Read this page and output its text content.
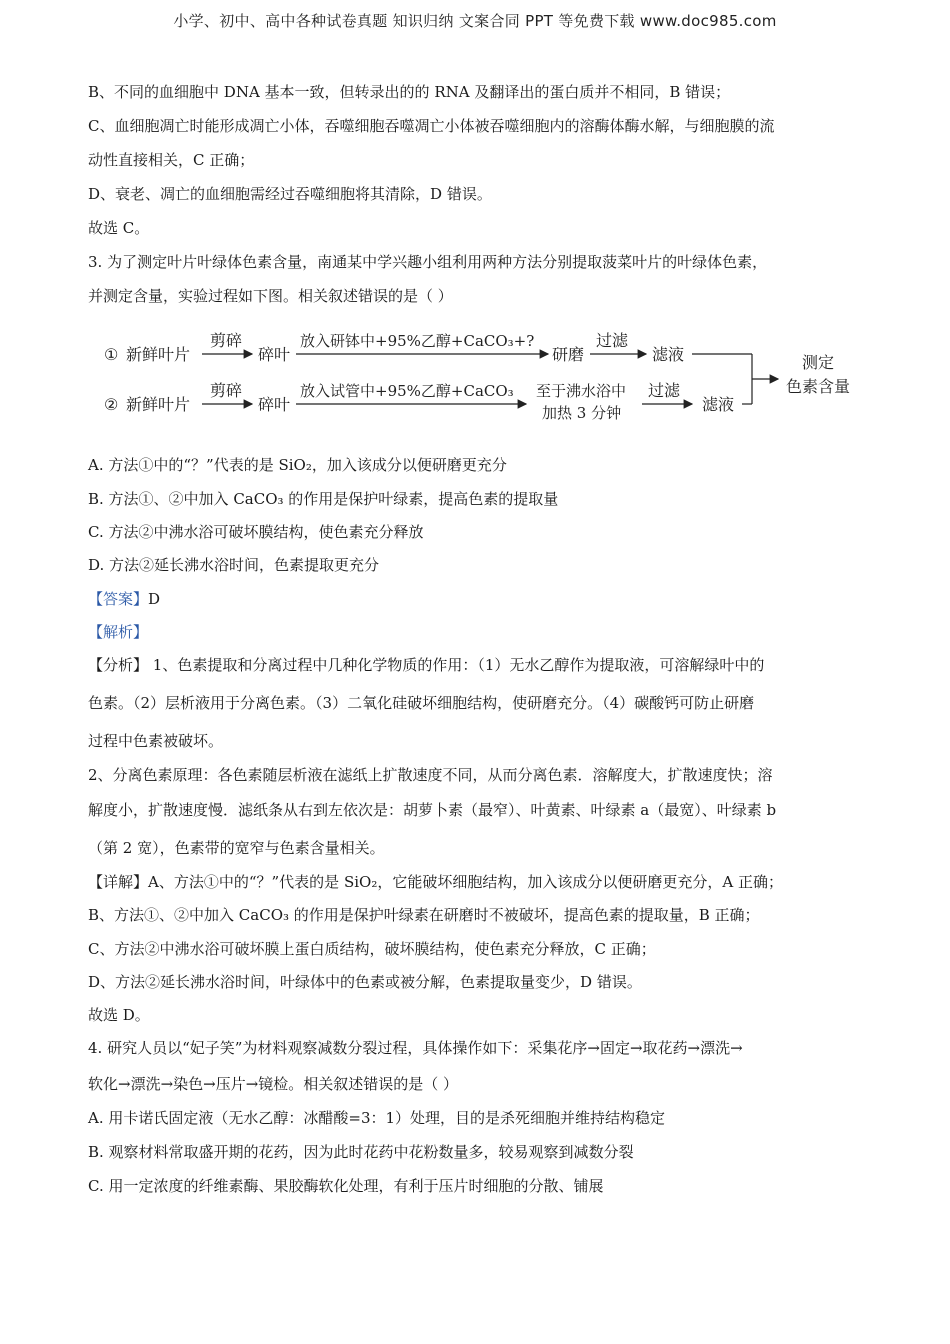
小学、初中、高中各种试卷真题 知识归纳 文案合同 PPT 等免费下载 www.doc985.com
B、不同的血细胞中 DNA 基本一致，但转录出的的 RNA 及翻译出的蛋白质并不相同，B 错误；
C、血细胞凋亡时能形成凋亡小体，吞噬细胞吞噬凋亡小体被吞噬细胞内的溶酶体酶水解，与细胞膜的流
动性直接相关，C 正确；
D、衰老、凋亡的血细胞需经过吞噬细胞将其清除，D 错误。
故选 C。
3. 为了测定叶片叶绿体色素含量，南通某中学兴趣小组利用两种方法分别提取菠菜叶片的叶绿体色素，
并测定含量，实验过程如下图。相关叙述错误的是（ ）
① 新鲜叶片
剪碎
碎叶
放入研钵中+95%乙醇+CaCO₃+?
研磨
过滤
滤液
② 新鲜叶片
剪碎
碎叶
放入试管中+95%乙醇+CaCO₃ 至于沸水浴中
加热 3 分钟
过滤
滤液
测定
色素含量
A. 方法①中的“？”代表的是 SiO₂，加入该成分以便研磨更充分
B. 方法①、②中加入 CaCO₃ 的作用是保护叶绿素，提高色素的提取量
C. 方法②中沸水浴可破坏膜结构，使色素充分释放
D. 方法②延长沸水浴时间，色素提取更充分
【答案】D
【解析】
【分析】 1、色素提取和分离过程中几种化学物质的作用：（1）无水乙醇作为提取液，可溶解绿叶中的
色素。（2）层析液用于分离色素。（3）二氧化硅破坏细胞结构，使研磨充分。（4）碳酸钙可防止研磨
过程中色素被破坏。
2、分离色素原理：各色素随层析液在滤纸上扩散速度不同，从而分离色素．溶解度大，扩散速度快；溶
解度小，扩散速度慢．滤纸条从右到左依次是：胡萝卜素（最窄）、叶黄素、叶绿素 a（最宽）、叶绿素 b
（第 2 宽），色素带的宽窄与色素含量相关。
【详解】A、方法①中的“？”代表的是 SiO₂，它能破坏细胞结构，加入该成分以便研磨更充分，A 正确；
B、方法①、②中加入 CaCO₃ 的作用是保护叶绿素在研磨时不被破坏，提高色素的提取量，B 正确；
C、方法②中沸水浴可破坏膜上蛋白质结构，破坏膜结构，使色素充分释放，C 正确；
D、方法②延长沸水浴时间，叶绿体中的色素或被分解，色素提取量变少，D 错误。
故选 D。
4. 研究人员以“妃子笑”为材料观察减数分裂过程，具体操作如下：采集花序→固定→取花药→漂洗→
软化→漂洗→染色→压片→镜检。相关叙述错误的是（ ）
A. 用卡诺氏固定液（无水乙醇：冰醋酸=3：1）处理，目的是杀死细胞并维持结构稳定
B. 观察材料常取盛开期的花药，因为此时花药中花粉数量多，较易观察到减数分裂
C. 用一定浓度的纤维素酶、果胶酶软化处理，有利于压片时细胞的分散、铺展
